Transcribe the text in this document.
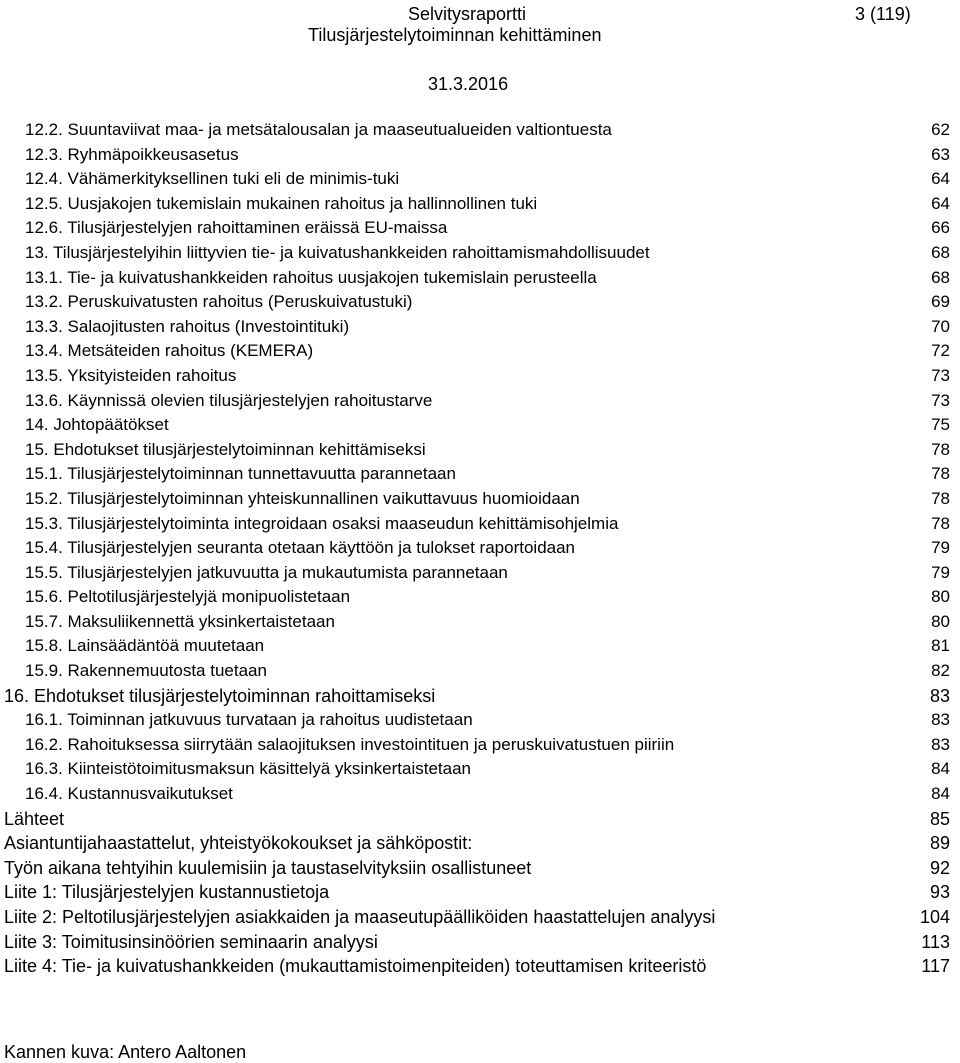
Selvitysraportti	3 (119)
Tilusjärjestelytoiminnan kehittäminen
31.3.2016
12.2. Suuntaviivat maa- ja metsätalousalan ja maaseutualueiden valtiontuesta	62
12.3. Ryhmäpoikkeusasetus	63
12.4. Vähämerkityksellinen tuki eli de minimis-tuki	64
12.5. Uusjakojen tukemislain mukainen rahoitus ja hallinnollinen tuki	64
12.6. Tilusjärjestelyjen rahoittaminen eräissä EU-maissa	66
13. Tilusjärjestelyihin liittyvien tie- ja kuivatushankkeiden rahoittamismahdollisuudet	68
13.1. Tie- ja kuivatushankkeiden rahoitus uusjakojen tukemislain perusteella	68
13.2. Peruskuivatusten rahoitus (Peruskuivatustuki)	69
13.3. Salaojitusten rahoitus (Investointituki)	70
13.4. Metsäteiden rahoitus (KEMERA)	72
13.5. Yksityisteiden rahoitus	73
13.6. Käynnissä olevien tilusjärjestelyjen rahoitustarve	73
14. Johtopäätökset	75
15. Ehdotukset tilusjärjestelytoiminnan kehittämiseksi	78
15.1. Tilusjärjestelytoiminnan tunnettavuutta parannetaan	78
15.2. Tilusjärjestelytoiminnan yhteiskunnallinen vaikuttavuus huomioidaan	78
15.3. Tilusjärjestelytoiminta integroidaan osaksi maaseudun kehittämisohjelmia	78
15.4. Tilusjärjestelyjen seuranta otetaan käyttöön ja tulokset raportoidaan	79
15.5. Tilusjärjestelyjen jatkuvuutta ja mukautumista parannetaan	79
15.6. Peltotilusjärjestelyjä monipuolistetaan	80
15.7. Maksuliikennettä yksinkertaistetaan	80
15.8. Lainsäädäntöä muutetaan	81
15.9. Rakennemuutosta tuetaan	82
16. Ehdotukset tilusjärjestelytoiminnan rahoittamiseksi	83
16.1. Toiminnan jatkuvuus turvataan ja rahoitus uudistetaan	83
16.2. Rahoituksessa siirrytään salaojituksen investointituen ja peruskuivatustuen piiriin	83
16.3. Kiinteistötoimitusmaksun käsittelyä yksinkertaistetaan	84
16.4. Kustannusvaikutukset	84
Lähteet	85
Asiantuntijahaastattelut, yhteistyökokoukset ja sähköpostit:	89
Työn aikana tehtyihin kuulemisiin ja taustaselvityksiin osallistuneet	92
Liite 1: Tilusjärjestelyjen kustannustietoja	93
Liite 2: Peltotilusjärjestelyjen asiakkaiden ja maaseutupäälliköiden haastattelujen analyysi	104
Liite 3: Toimitusinsinöörien seminaarin analyysi	113
Liite 4: Tie- ja kuivatushankkeiden (mukauttamistoimenpiteiden) toteuttamisen kriteeristö	117
Kannen kuva: Antero Aaltonen
